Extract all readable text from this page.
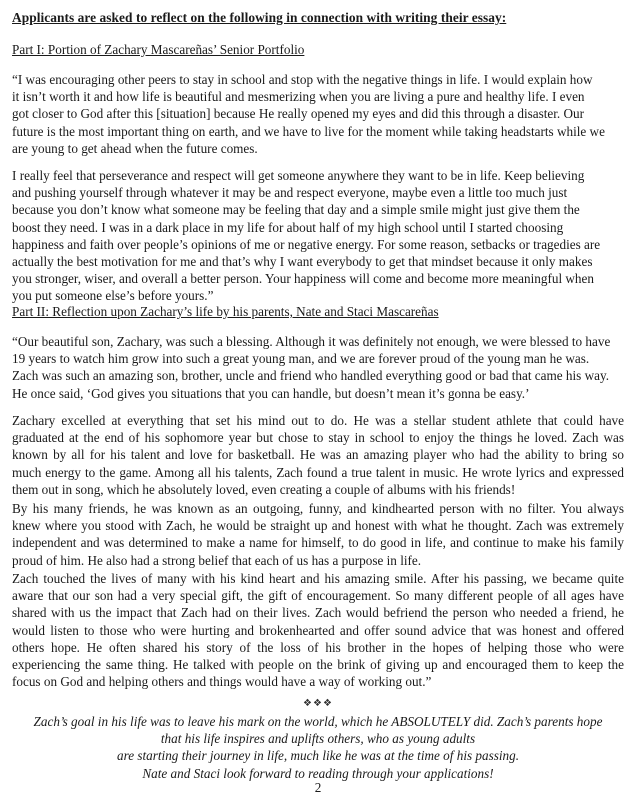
Applicants are asked to reflect on the following in connection with writing their essay:
Part I: Portion of Zachary Mascareñas’ Senior Portfolio
“I was encouraging other peers to stay in school and stop with the negative things in life. I would explain how
it isn’t worth it and how life is beautiful and mesmerizing when you are living a pure and healthy life. I even
got closer to God after this [situation] because He really opened my eyes and did this through a disaster. Our
future is the most important thing on earth, and we have to live for the moment while taking headstarts while we
are young to get ahead when the future comes.
I really feel that perseverance and respect will get someone anywhere they want to be in life. Keep believing
and pushing yourself through whatever it may be and respect everyone, maybe even a little too much just
because you don’t know what someone may be feeling that day and a simple smile might just give them the
boost they need. I was in a dark place in my life for about half of my high school until I started choosing
happiness and faith over people’s opinions of me or negative energy. For some reason, setbacks or tragedies are
actually the best motivation for me and that’s why I want everybody to get that mindset because it only makes
you stronger, wiser, and overall a better person. Your happiness will come and become more meaningful when
you put someone else’s before yours.”
Part II: Reflection upon Zachary’s life by his parents, Nate and Staci Mascareñas
“Our beautiful son, Zachary, was such a blessing. Although it was definitely not enough, we were blessed to have
19 years to watch him grow into such a great young man, and we are forever proud of the young man he was.
Zach was such an amazing son, brother, uncle and friend who handled everything good or bad that came his way.
He once said, ‘God gives you situations that you can handle, but doesn’t mean it’s gonna be easy.’
Zachary excelled at everything that set his mind out to do. He was a stellar student athlete that could have
graduated at the end of his sophomore year but chose to stay in school to enjoy the things he loved. Zach was
known by all for his talent and love for basketball. He was an amazing player who had the ability to bring so
much energy to the game. Among all his talents, Zach found a true talent in music. He wrote lyrics and expressed
them out in song, which he absolutely loved, even creating a couple of albums with his friends!
By his many friends, he was known as an outgoing, funny, and kindhearted person with no filter. You always
knew where you stood with Zach, he would be straight up and honest with what he thought. Zach was extremely
independent and was determined to make a name for himself, to do good in life, and continue to make his family
proud of him. He also had a strong belief that each of us has a purpose in life.
Zach touched the lives of many with his kind heart and his amazing smile. After his passing, we became quite
aware that our son had a very special gift, the gift of encouragement. So many different people of all ages have
shared with us the impact that Zach had on their lives. Zach would befriend the person who needed a friend, he
would listen to those who were hurting and brokenhearted and offer sound advice that was honest and offered
others hope. He often shared his story of the loss of his brother in the hopes of helping those who were
experiencing the same thing. He talked with people on the brink of giving up and encouraged them to keep the
focus on God and helping others and things would have a way of working out.”
❖❖❖
Zach’s goal in his life was to leave his mark on the world, which he ABSOLUTELY did. Zach’s parents hope
that his life inspires and uplifts others, who as young adults
are starting their journey in life, much like he was at the time of his passing.
Nate and Staci look forward to reading through your applications!
2
